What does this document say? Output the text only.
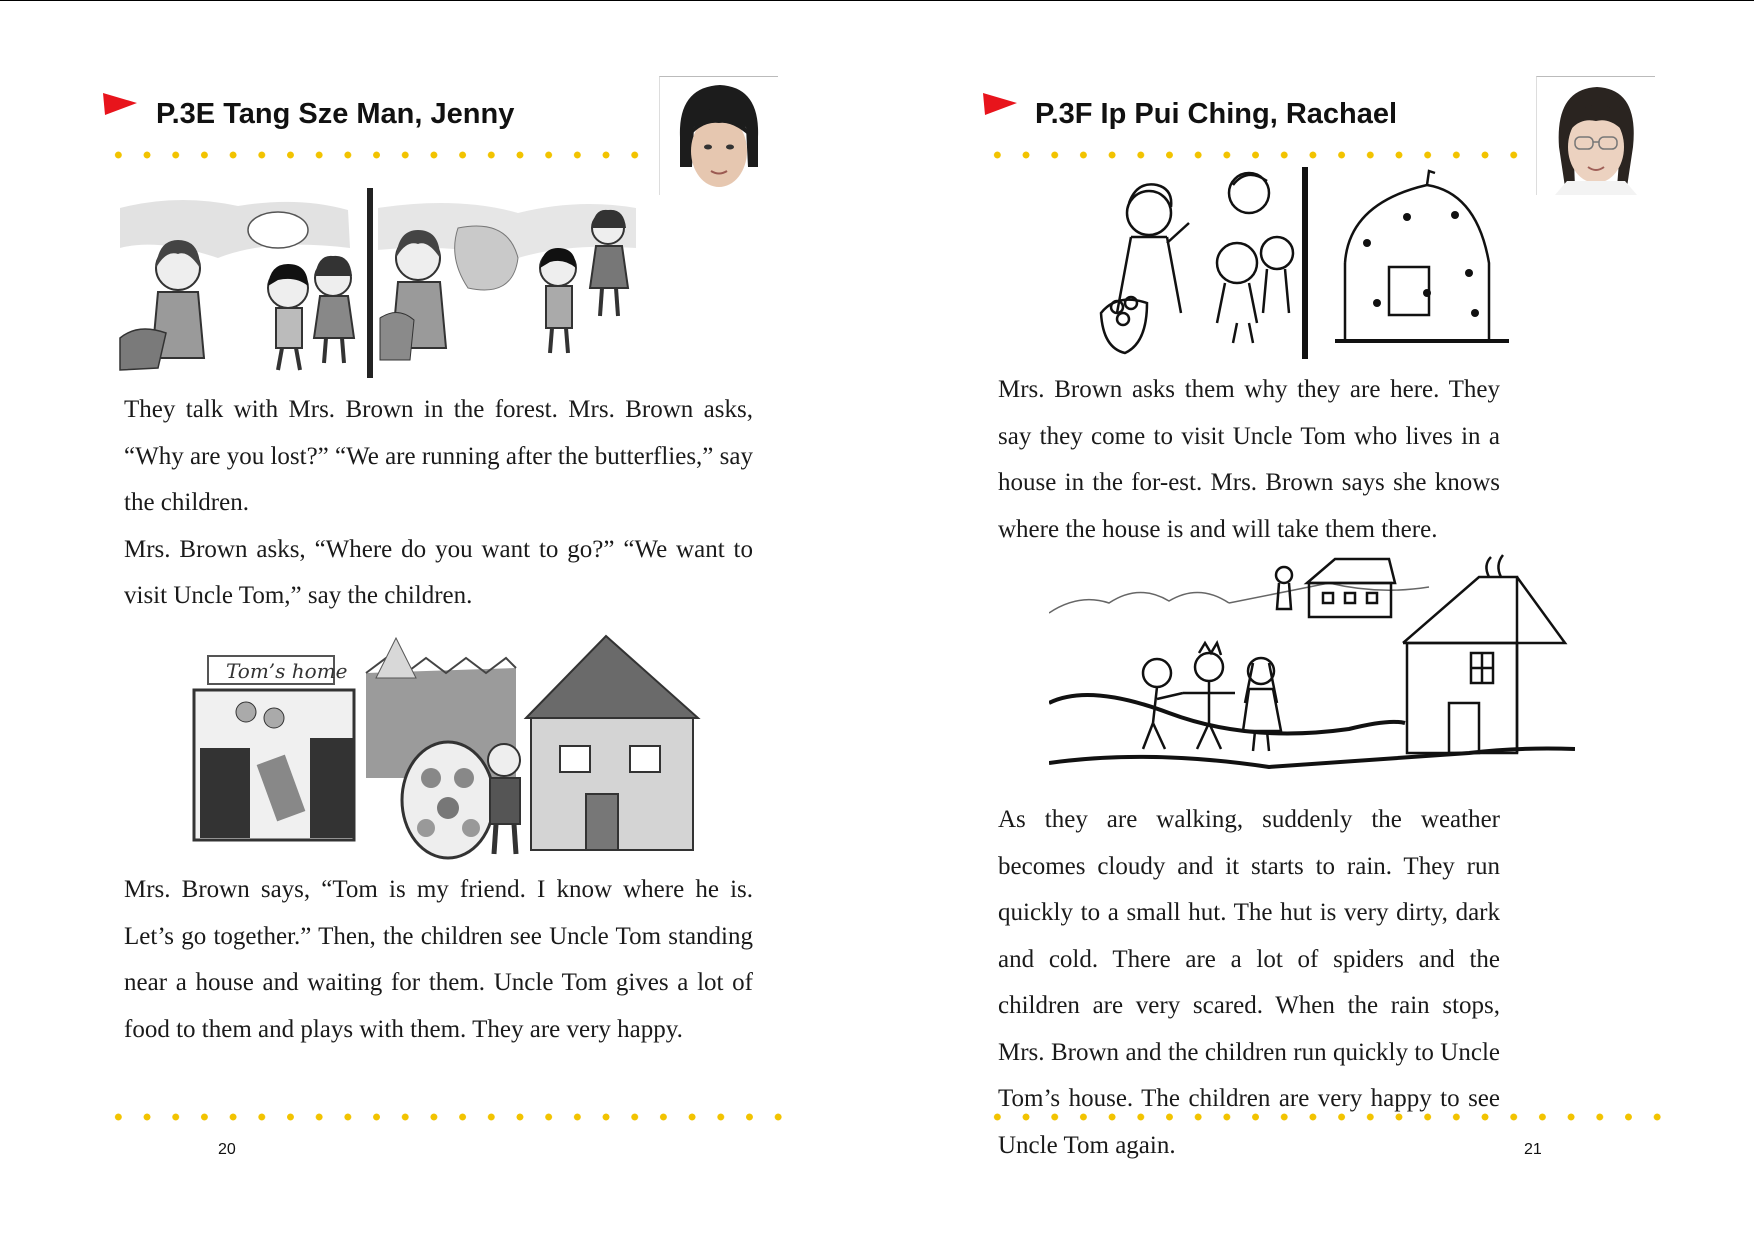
P.3E Tang Sze Man, Jenny

They talk with Mrs. Brown in the forest. Mrs. Brown asks, “Why are you lost?” “We are running after the butterflies,” say the children.

Mrs. Brown asks, “Where do you want to go?” “We want to visit Uncle Tom,” say the children.

Tom’s home

Mrs. Brown says, “Tom is my friend. I know where he is. Let’s go together.” Then, the children see Uncle Tom standing near a house and waiting for them. Uncle Tom gives a lot of food to them and plays with them. They are very happy.

20
P.3F Ip Pui Ching, Rachael

Mrs. Brown asks them why they are here. They say they come to visit Uncle Tom who lives in a house in the for-est. Mrs. Brown says she knows where the house is and will take them there.

As they are walking, suddenly the weather becomes cloudy and it starts to rain. They run quickly to a small hut. The hut is very dirty, dark and cold. There are a lot of spiders and the children are very scared. When the rain stops, Mrs. Brown and the children run quickly to Uncle Tom’s house. The children are very happy to see Uncle Tom again.	21
